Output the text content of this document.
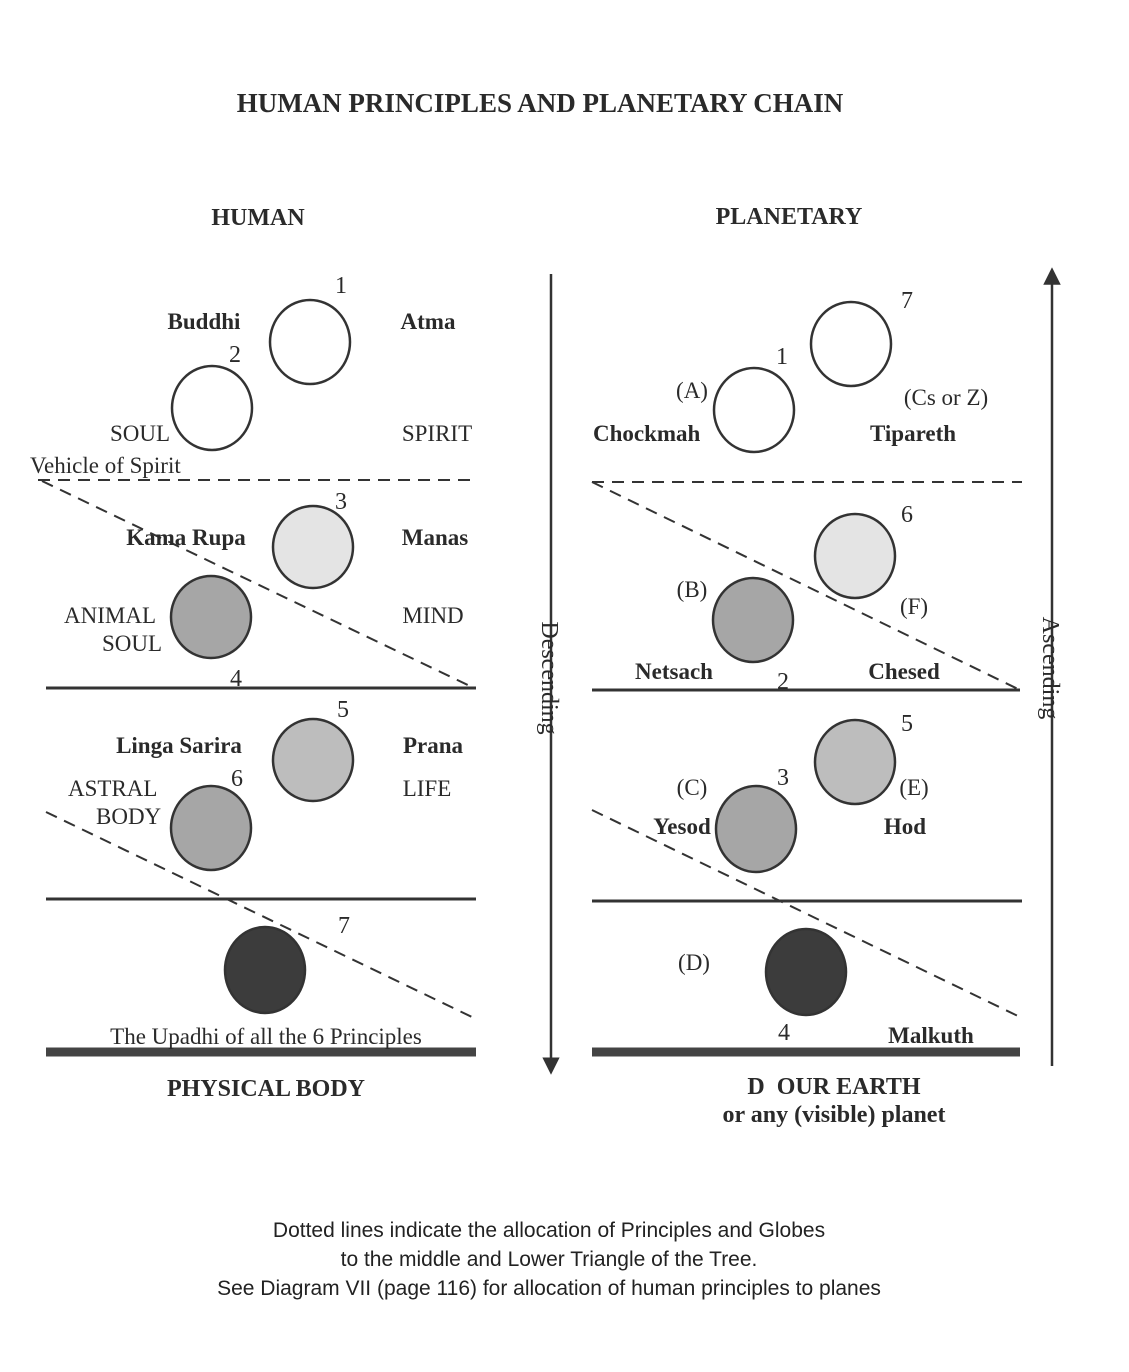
HUMAN PRINCIPLES AND PLANETARY CHAIN
HUMAN	PLANETARY
1
2
3
4
5
6
7
Buddhi	Atma
SOUL	SPIRIT
Vehicle of Spirit
Kama Rupa	Manas
ANIMAL
SOUL
MIND
Linga Sarira	Prana
ASTRAL
BODY
LIFE
The Upadhi of all the 6 Principles
PHYSICAL BODY
Descending	Ascending
7
1
6
2
5
3
4
(A)	(Cs or Z)
Chockmah	Tipareth
(B)
(F)
Netsach	Chesed
(C)	(E)
Yesod	Hod
(D)
Malkuth
D  OUR EARTH
or any (visible) planet
Dotted lines indicate the allocation of Principles and Globes
to the middle and Lower Triangle of the Tree.
See Diagram VII (page 116) for allocation of human principles to planes
